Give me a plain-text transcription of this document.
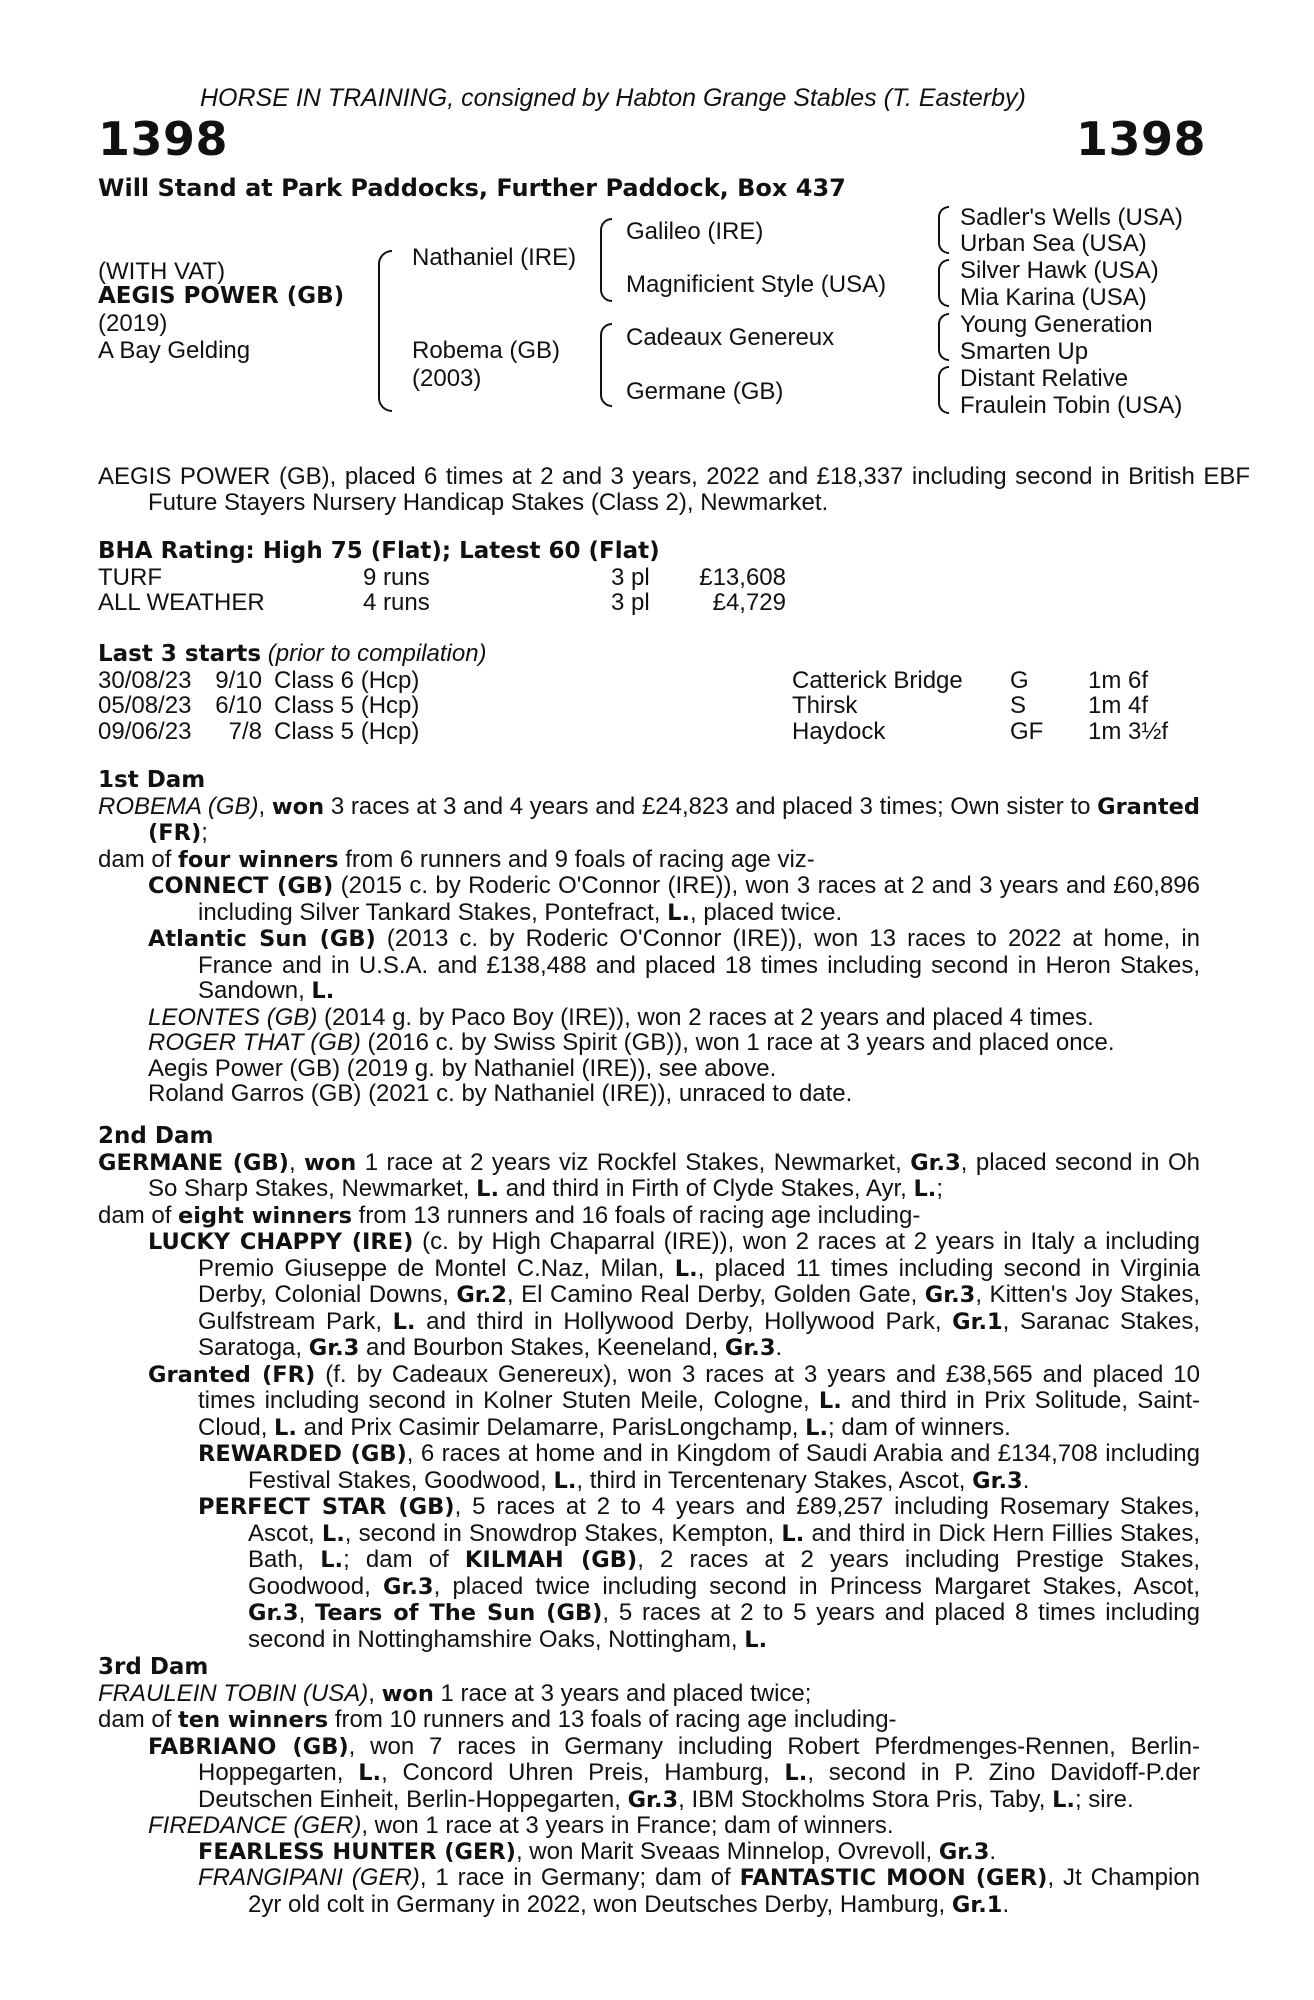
HORSE IN TRAINING, consigned by Habton Grange Stables (T. Easterby)
1398	1398
Will Stand at Park Paddocks, Further Paddock, Box 437
(WITH VAT)
AEGIS POWER (GB)
(2019)
A Bay Gelding
Nathaniel (IRE)
Robema (GB)
(2003)
Galileo (IRE)
Magnificient Style (USA)
Cadeaux Genereux
Germane (GB)
Sadler's Wells (USA)
Urban Sea (USA)
Silver Hawk (USA)
Mia Karina (USA)
Young Generation
Smarten Up
Distant Relative
Fraulein Tobin (USA)
AEGIS POWER (GB), placed 6 times at 2 and 3 years, 2022 and £18,337 including second in British EBF Future Stayers Nursery Handicap Stakes (Class 2), Newmarket.
BHA Rating: High 75 (Flat); Latest 60 (Flat)
TURF	9 runs	3 pl	£13,608
ALL WEATHER	4 runs	3 pl	£4,729
Last 3 starts (prior to compilation)
30/08/23	9/10	Class 6 (Hcp)	Catterick Bridge	G	1m 6f
05/08/23	6/10	Class 5 (Hcp)	Thirsk	S	1m 4f
09/06/23	7/8	Class 5 (Hcp)	Haydock	GF	1m 3½f
1st Dam

ROBEMA (GB), won 3 races at 3 and 4 years and £24,823 and placed 3 times; Own sister to Granted (FR);

dam of four winners from 6 runners and 9 foals of racing age viz-

CONNECT (GB) (2015 c. by Roderic O'Connor (IRE)), won 3 races at 2 and 3 years and £60,896 including Silver Tankard Stakes, Pontefract, L., placed twice.

Atlantic Sun (GB) (2013 c. by Roderic O'Connor (IRE)), won 13 races to 2022 at home, in France and in U.S.A. and £138,488 and placed 18 times including second in Heron Stakes, Sandown, L.

LEONTES (GB) (2014 g. by Paco Boy (IRE)), won 2 races at 2 years and placed 4 times.

ROGER THAT (GB) (2016 c. by Swiss Spirit (GB)), won 1 race at 3 years and placed once.

Aegis Power (GB) (2019 g. by Nathaniel (IRE)), see above.

Roland Garros (GB) (2021 c. by Nathaniel (IRE)), unraced to date.

2nd Dam

GERMANE (GB), won 1 race at 2 years viz Rockfel Stakes, Newmarket, Gr.3, placed second in Oh So Sharp Stakes, Newmarket, L. and third in Firth of Clyde Stakes, Ayr, L.;

dam of eight winners from 13 runners and 16 foals of racing age including-

LUCKY CHAPPY (IRE) (c. by High Chaparral (IRE)), won 2 races at 2 years in Italy a including Premio Giuseppe de Montel C.Naz, Milan, L., placed 11 times including second in Virginia Derby, Colonial Downs, Gr.2, El Camino Real Derby, Golden Gate, Gr.3, Kitten's Joy Stakes, Gulfstream Park, L. and third in Hollywood Derby, Hollywood Park, Gr.1, Saranac Stakes, Saratoga, Gr.3 and Bourbon Stakes, Keeneland, Gr.3.

Granted (FR) (f. by Cadeaux Genereux), won 3 races at 3 years and £38,565 and placed 10 times including second in Kolner Stuten Meile, Cologne, L. and third in Prix Solitude, Saint-Cloud, L. and Prix Casimir Delamarre, ParisLongchamp, L.; dam of winners.

REWARDED (GB), 6 races at home and in Kingdom of Saudi Arabia and £134,708 including Festival Stakes, Goodwood, L., third in Tercentenary Stakes, Ascot, Gr.3.

PERFECT STAR (GB), 5 races at 2 to 4 years and £89,257 including Rosemary Stakes, Ascot, L., second in Snowdrop Stakes, Kempton, L. and third in Dick Hern Fillies Stakes, Bath, L.; dam of KILMAH (GB), 2 races at 2 years including Prestige Stakes, Goodwood, Gr.3, placed twice including second in Princess Margaret Stakes, Ascot, Gr.3, Tears of The Sun (GB), 5 races at 2 to 5 years and placed 8 times including second in Nottinghamshire Oaks, Nottingham, L.

3rd Dam

FRAULEIN TOBIN (USA), won 1 race at 3 years and placed twice;

dam of ten winners from 10 runners and 13 foals of racing age including-

FABRIANO (GB), won 7 races in Germany including Robert Pferdmenges-Rennen, Berlin-Hoppegarten, L., Concord Uhren Preis, Hamburg, L., second in P. Zino Davidoff-P.der Deutschen Einheit, Berlin-Hoppegarten, Gr.3, IBM Stockholms Stora Pris, Taby, L.; sire.

FIREDANCE (GER), won 1 race at 3 years in France; dam of winners.

FEARLESS HUNTER (GER), won Marit Sveaas Minnelop, Ovrevoll, Gr.3.

FRANGIPANI (GER), 1 race in Germany; dam of FANTASTIC MOON (GER), Jt Champion 2yr old colt in Germany in 2022, won Deutsches Derby, Hamburg, Gr.1.
